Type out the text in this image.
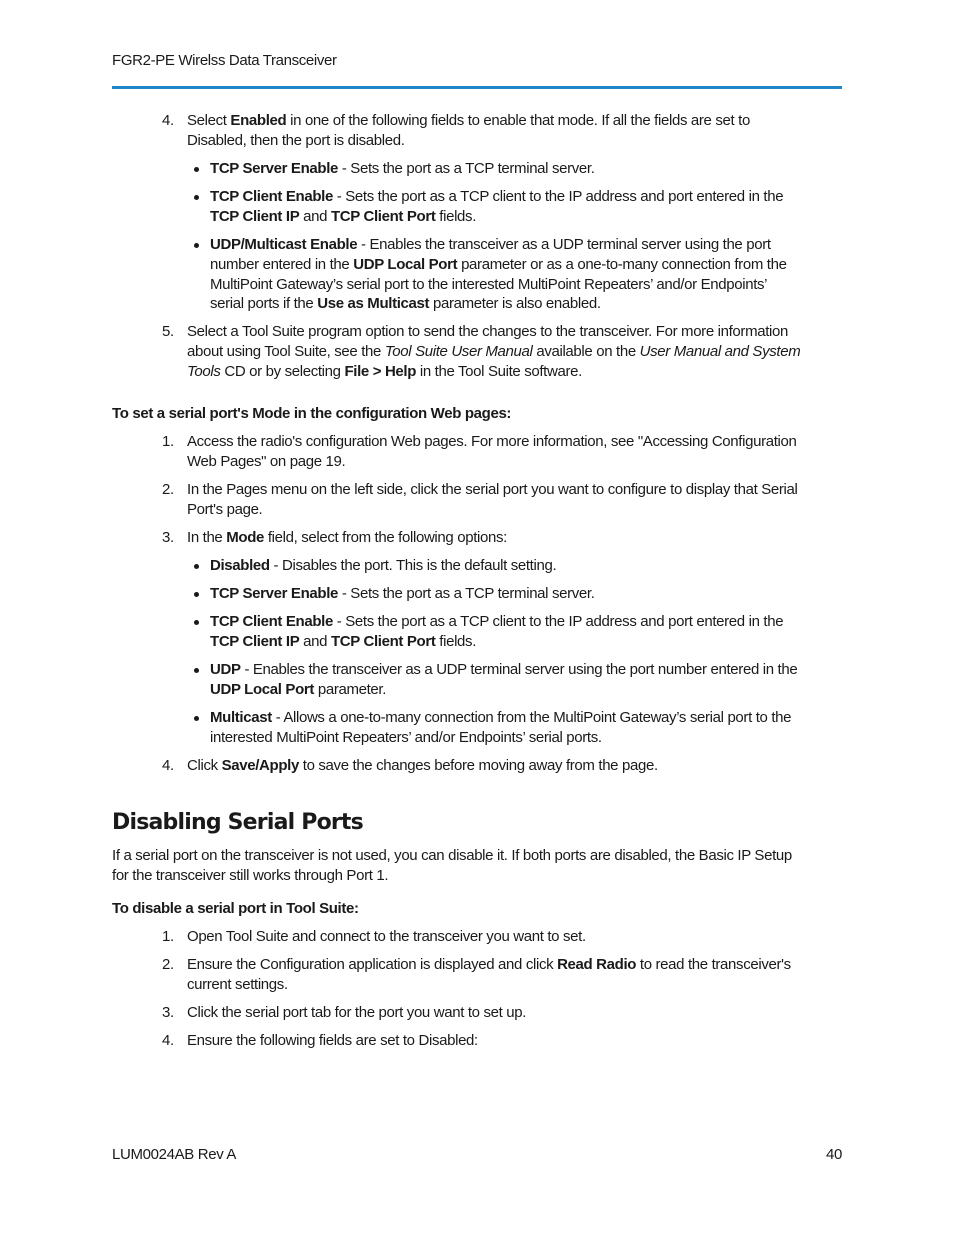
FGR2-PE Wirelss Data Transceiver
4. Select Enabled in one of the following fields to enable that mode. If all the fields are set to
Disabled, then the port is disabled.
TCP Server Enable - Sets the port as a TCP terminal server.
TCP Client Enable - Sets the port as a TCP client to the IP address and port entered in the
TCP Client IP and TCP Client Port fields.
UDP/Multicast Enable - Enables the transceiver as a UDP terminal server using the port
number entered in the UDP Local Port parameter or as a one-to-many connection from the
MultiPoint Gateway’s serial port to the interested MultiPoint Repeaters’ and/or Endpoints’
serial ports if the Use as Multicast parameter is also enabled.
5. Select a Tool Suite program option to send the changes to the transceiver. For more information
about using Tool Suite, see the Tool Suite User Manual available on the User Manual and System
Tools CD or by selecting File > Help in the Tool Suite software.
To set a serial port's Mode in the configuration Web pages:
1. Access the radio's configuration Web pages. For more information, see "Accessing Configuration
Web Pages" on page 19.
2. In the Pages menu on the left side, click the serial port you want to configure to display that Serial
Port's page.
3. In the Mode field, select from the following options:
Disabled - Disables the port. This is the default setting.
TCP Server Enable - Sets the port as a TCP terminal server.
TCP Client Enable - Sets the port as a TCP client to the IP address and port entered in the
TCP Client IP and TCP Client Port fields.
UDP - Enables the transceiver as a UDP terminal server using the port number entered in the
UDP Local Port parameter.
Multicast - Allows a one-to-many connection from the MultiPoint Gateway’s serial port to the
interested MultiPoint Repeaters’ and/or Endpoints’ serial ports.
4. Click Save/Apply to save the changes before moving away from the page.
Disabling Serial Ports
If a serial port on the transceiver is not used, you can disable it. If both ports are disabled, the Basic IP Setup
for the transceiver still works through Port 1.
To disable a serial port in Tool Suite:
1. Open Tool Suite and connect to the transceiver you want to set.
2. Ensure the Configuration application is displayed and click Read Radio to read the transceiver's
current settings.
3. Click the serial port tab for the port you want to set up.
4. Ensure the following fields are set to Disabled:
LUM0024AB Rev A	40
